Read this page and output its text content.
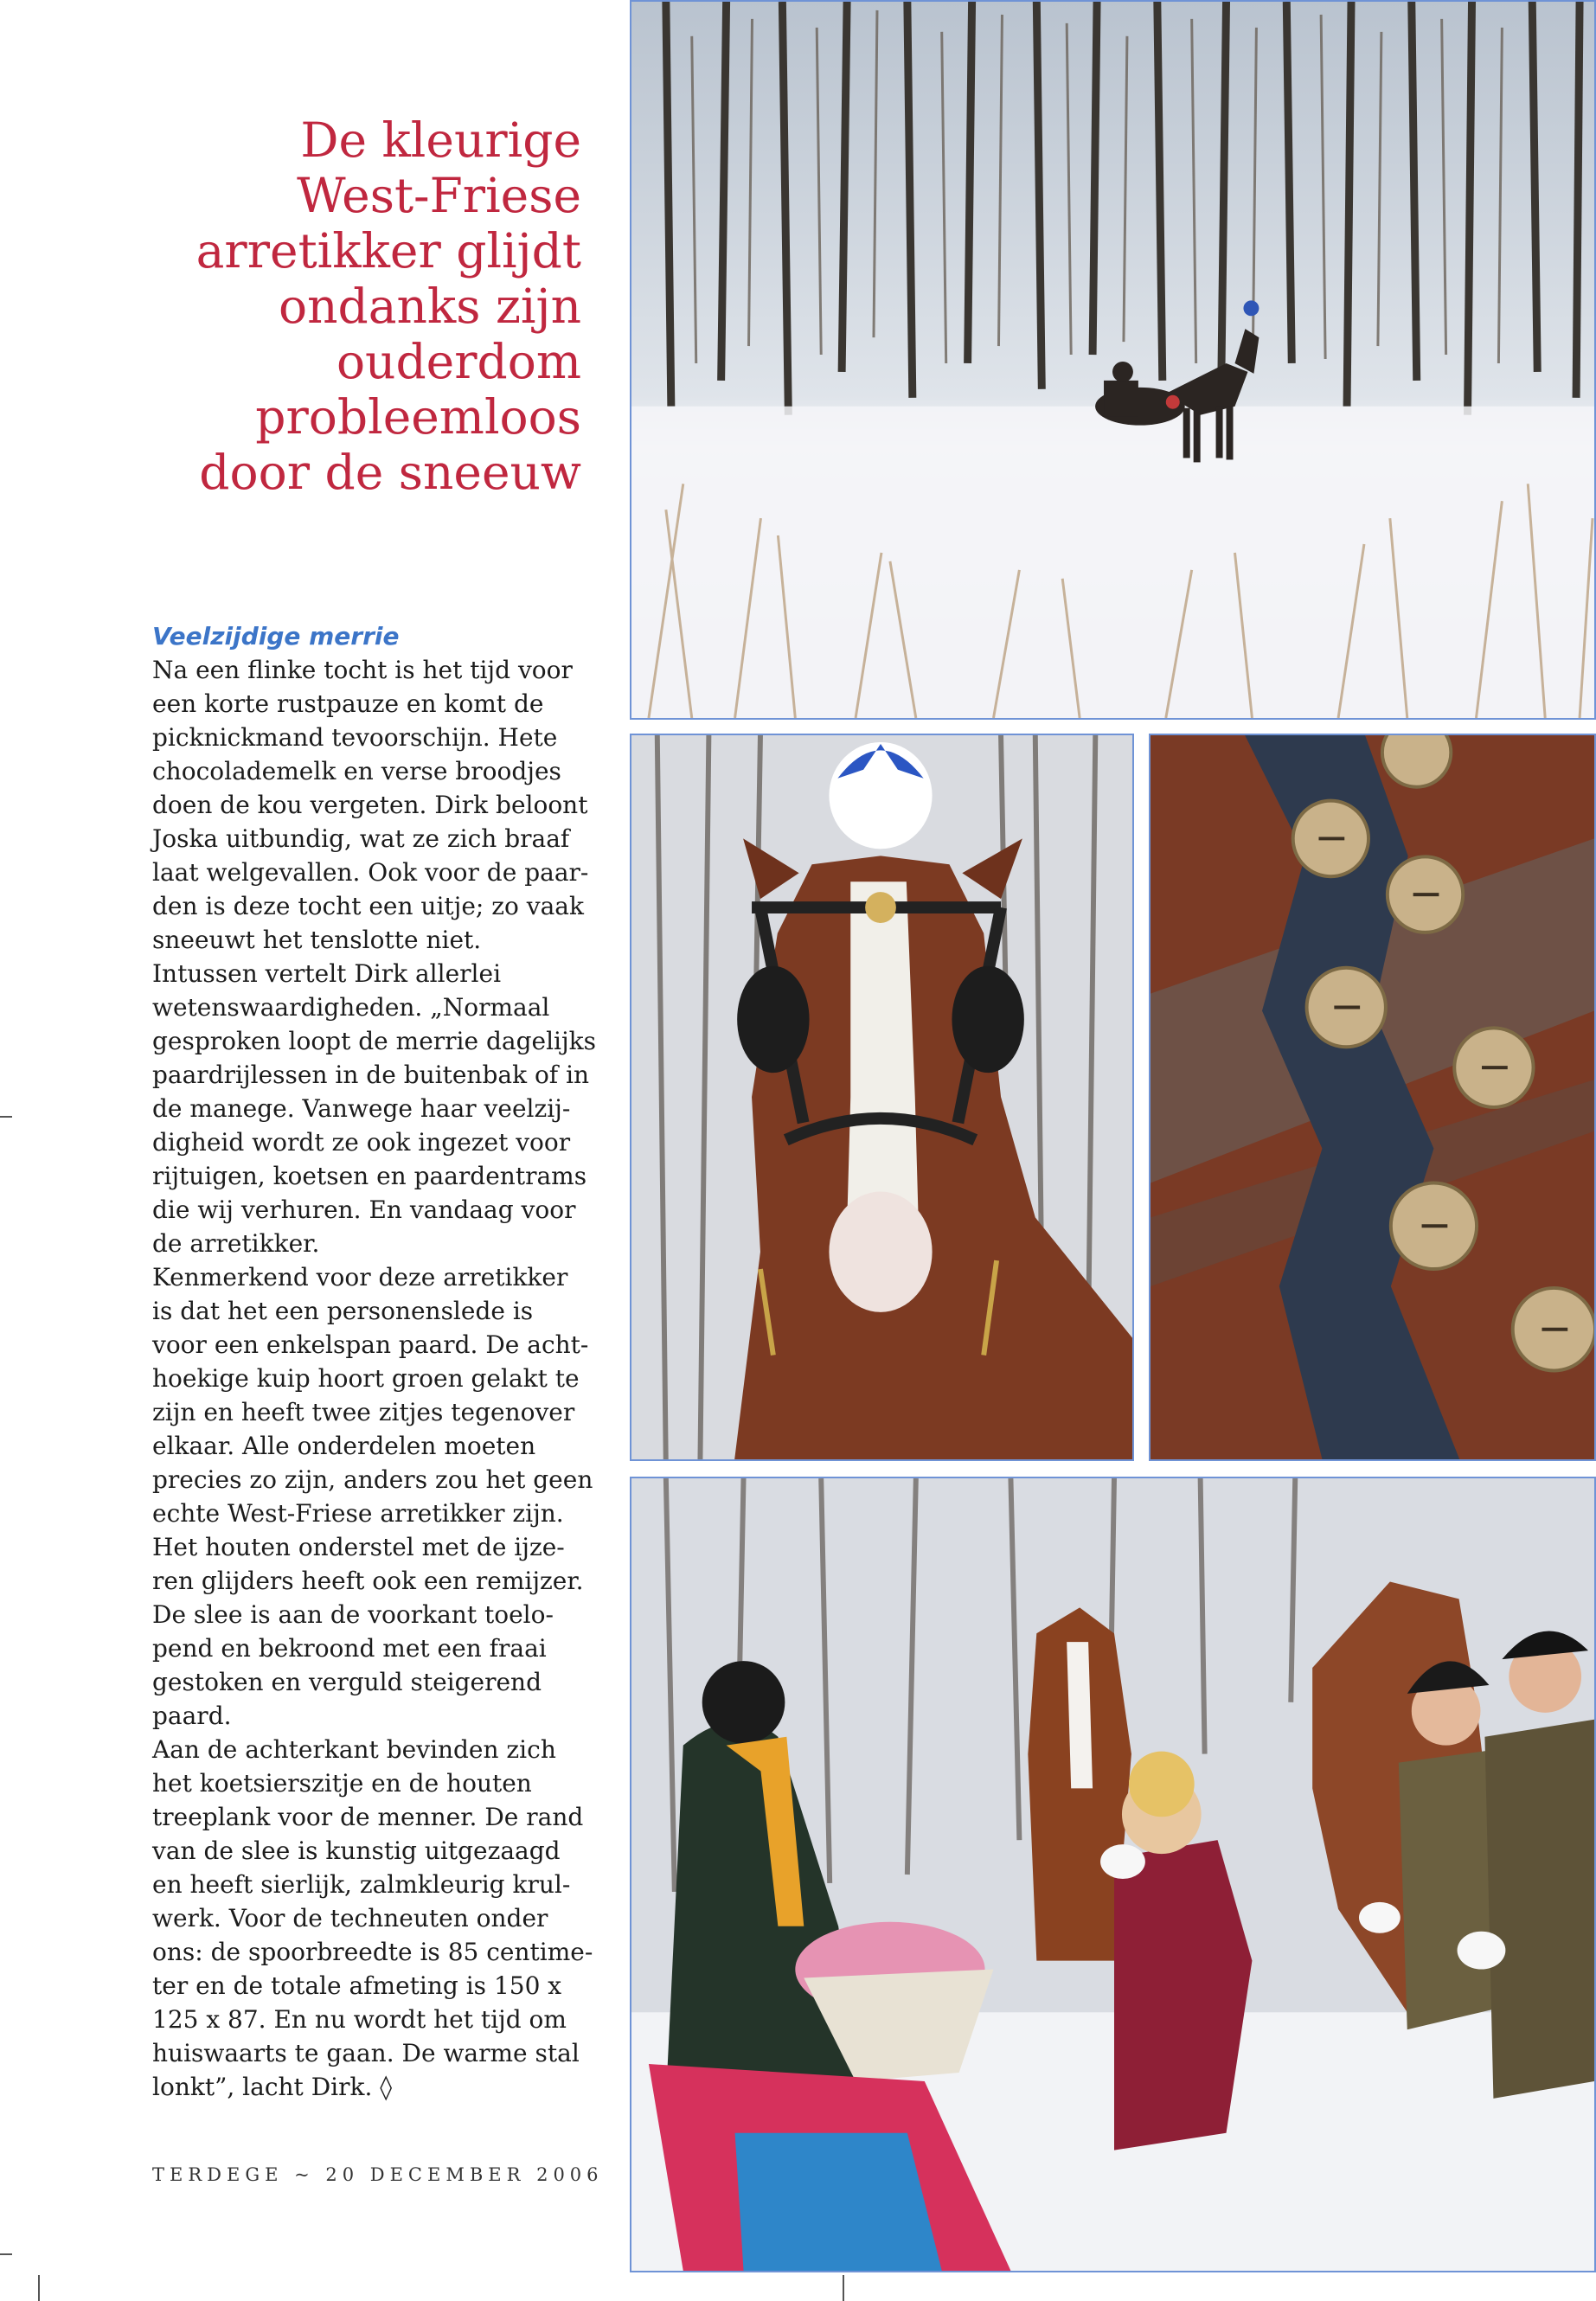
De kleurige
West-Friese
arretikker glijdt
ondanks zijn
ouderdom
probleemloos
door de sneeuw
Veelzijdige merrie
Na een flinke tocht is het tijd voor
een korte rustpauze en komt de
picknickmand tevoorschijn. Hete
chocolademelk en verse broodjes
doen de kou vergeten. Dirk beloont
Joska uitbundig, wat ze zich braaf
laat welgevallen. Ook voor de paar-
den is deze tocht een uitje; zo vaak
sneeuwt het tenslotte niet.
Intussen vertelt Dirk allerlei
wetenswaardigheden. „Normaal
gesproken loopt de merrie dagelijks
paardrijlessen in de buitenbak of in
de manege. Vanwege haar veelzij-
digheid wordt ze ook ingezet voor
rijtuigen, koetsen en paardentrams
die wij verhuren. En vandaag voor
de arretikker.
Kenmerkend voor deze arretikker
is dat het een personenslede is
voor een enkelspan paard. De acht-
hoekige kuip hoort groen gelakt te
zijn en heeft twee zitjes tegenover
elkaar. Alle onderdelen moeten
precies zo zijn, anders zou het geen
echte West-Friese arretikker zijn.
Het houten onderstel met de ijze-
ren glijders heeft ook een remijzer.
De slee is aan de voorkant toelo-
pend en bekroond met een fraai
gestoken en verguld steigerend
paard.
Aan de achterkant bevinden zich
het koetsierszitje en de houten
treeplank voor de menner. De rand
van de slee is kunstig uitgezaagd
en heeft sierlijk, zalmkleurig krul-
werk. Voor de techneuten onder
ons: de spoorbreedte is 85 centime-
ter en de totale afmeting is 150 x
125 x 87. En nu wordt het tijd om
huiswaarts te gaan. De warme stal
lonkt”, lacht Dirk. ◊
TERDEGE ~ 20 DECEMBER 2006
